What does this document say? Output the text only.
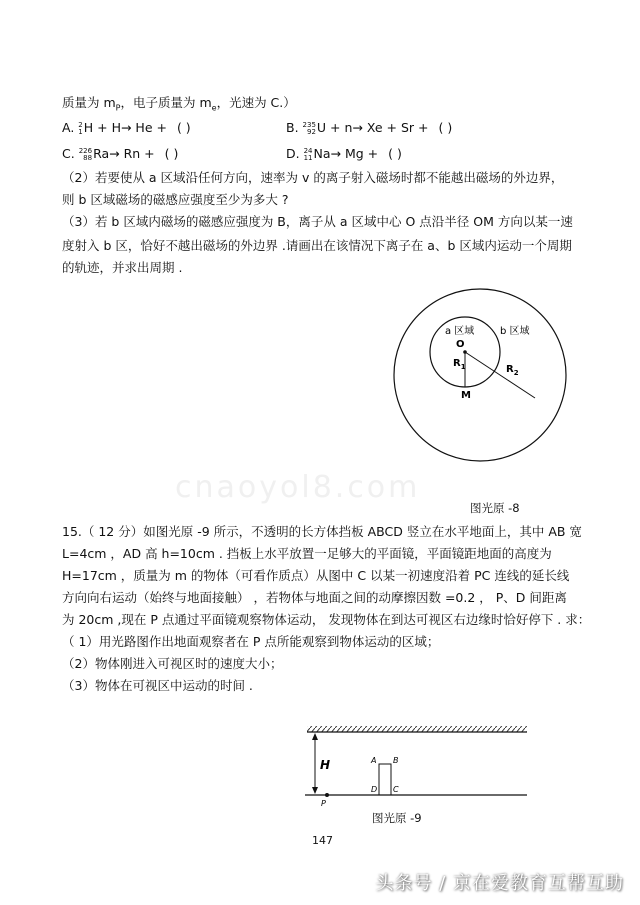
质量为 $m_P$，电子质量为 $m_e$，光速为 C.）
A. 2
1 H + H→ He + ( )	B. 235
92 U + n→ Xe + Sr + ( )
C. 226
88 Ra→ Rn + ( )	D. 24
11 Na→ Mg + ( )
（2）若要使从 a 区域沿任何方向，速率为 v 的离子射入磁场时都不能越出磁场的外边界，
则 b 区域磁场的磁感应强度至少为多大 ?
（3）若 b 区域内磁场的磁感应强度为 B，离子从 a 区域中心 O 点沿半径 OM 方向以某一速
度射入 b 区，恰好不越出磁场的外边界 .请画出在该情况下离子在 a、b 区域内运动一个周期
的轨迹，并求出周期 .
a 区域	b 区域
O
$R_1$	$R_2$
M
cnaoyol8.com
图光原 -8
15.（ 12 分）如图光原 -9 所示，不透明的长方体挡板 ABCD 竖立在水平地面上，其中 AB 宽
L=4cm ，AD 高 h=10cm . 挡板上水平放置一足够大的平面镜，平面镜距地面的高度为
H=17cm ，质量为 m 的物体（可看作质点）从图中 C 以某一初速度沿着 PC 连线的延长线
方向向右运动（始终与地面接触） ，若物体与地面之间的动摩擦因数 =0.2 ， P、D 间距离
为 20cm ,现在 P 点通过平面镜观察物体运动， 发现物体在到达可视区右边缘时恰好停下 . 求：
（ 1）用光路图作出地面观察者在 P 点所能观察到物体运动的区域；
（2）物体刚进入可视区时的速度大小；
（3）物体在可视区中运动的时间 .
H	A B
D C
P
图光原 -9
147
头条号 / 京在爱教育互帮互助
